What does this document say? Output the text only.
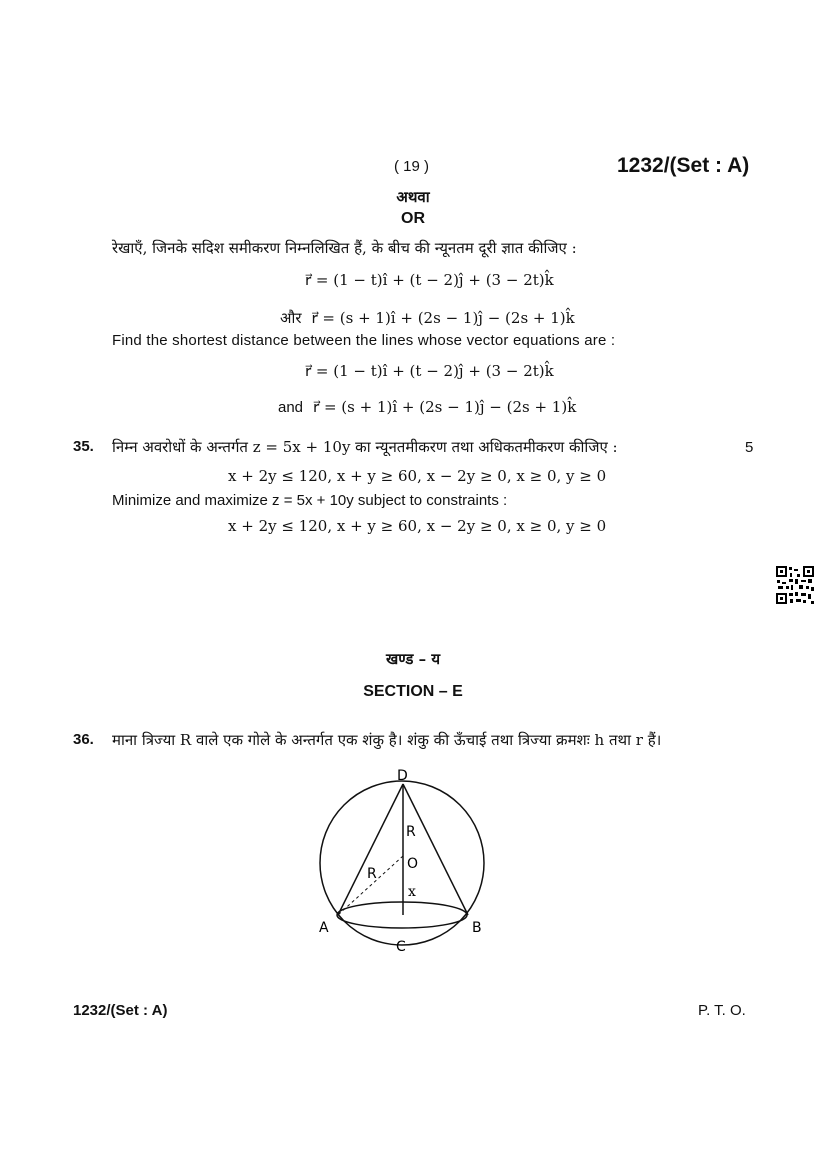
( 19 )	1232/(Set : A)
अथवा
OR
रेखाएँ, जिनके सदिश समीकरण निम्नलिखित हैं, के बीच की न्यूनतम दूरी ज्ञात कीजिए :
r⃗ = (1 − t)î + (t − 2)ĵ + (3 − 2t)k̂
और r⃗ = (s + 1)î + (2s − 1)ĵ − (2s + 1)k̂
Find the shortest distance between the lines whose vector equations are :
r⃗ = (1 − t)î + (t − 2)ĵ + (3 − 2t)k̂
and r⃗ = (s + 1)î + (2s − 1)ĵ − (2s + 1)k̂
35. निम्न अवरोधों के अन्तर्गत z = 5x + 10y का न्यूनतमीकरण तथा अधिकतमीकरण कीजिए :	5
x + 2y ≤ 120, x + y ≥ 60, x − 2y ≥ 0, x ≥ 0, y ≥ 0
Minimize and maximize z = 5x + 10y subject to constraints :
x + 2y ≤ 120, x + y ≥ 60, x − 2y ≥ 0, x ≥ 0, y ≥ 0
खण्ड – य
SECTION – E
36. माना त्रिज्या R वाले एक गोले के अन्तर्गत एक शंकु है। शंकु की ऊँचाई तथा त्रिज्या क्रमशः h तथा r हैं।
D
A	B
C
O
R
R
x
1232/(Set : A)	P. T. O.
